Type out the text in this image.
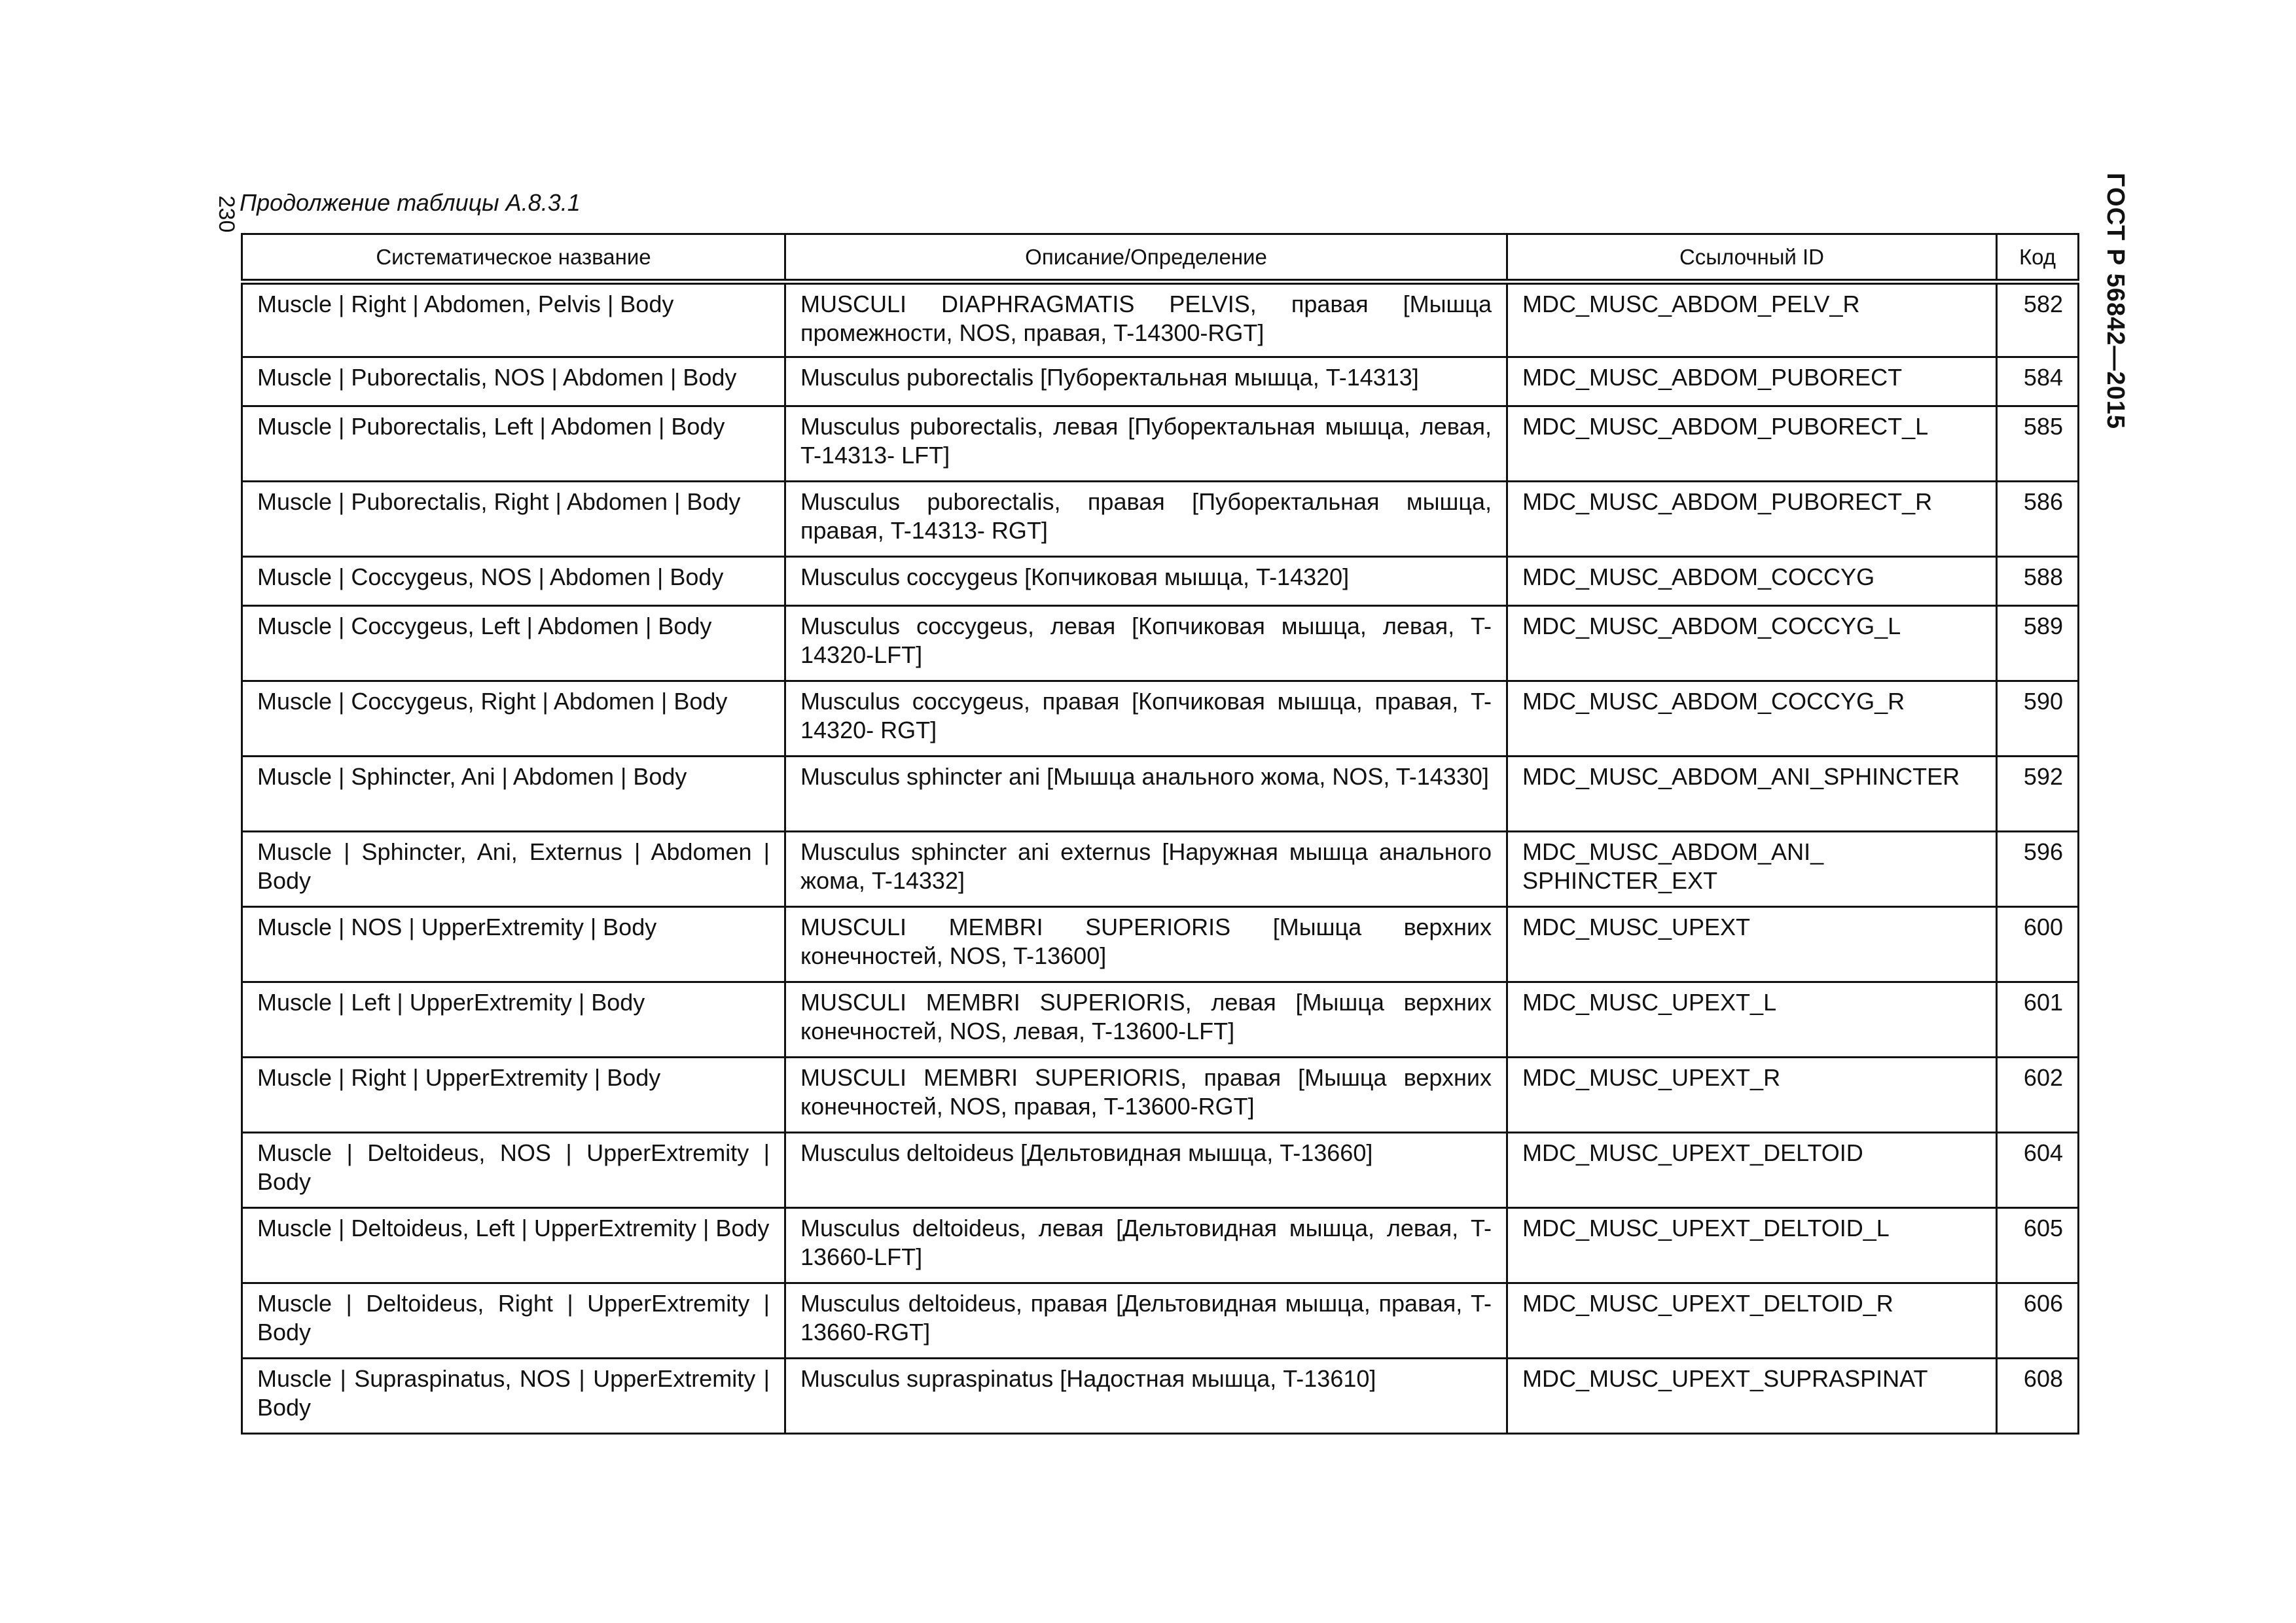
230	ГОСТ Р 56842—2015
Продолжение таблицы А.8.3.1
Систематическое название	Описание/Определение	Ссылочный ID	Код
Muscle | Right | Abdomen, Pelvis | Body	MUSCULI DIAPHRAGMATIS PELVIS, правая [Мышца промежности, NOS, правая, T-14300-RGT]	MDC_MUSC_ABDOM_PELV_R	582
Muscle | Puborectalis, NOS | Abdomen | Body	Musculus puborectalis [Пуборектальная мышца, T-14313]	MDC_MUSC_ABDOM_PUBORECT	584
Muscle | Puborectalis, Left | Abdomen | Body	Musculus puborectalis, левая [Пуборектальная мышца, левая, T-14313- LFT]	MDC_MUSC_ABDOM_PUBORECT_L	585
Muscle | Puborectalis, Right | Abdomen | Body	Musculus puborectalis, правая [Пуборектальная мышца, правая, T-14313- RGT]	MDC_MUSC_ABDOM_PUBORECT_R	586
Muscle | Coccygeus, NOS | Abdomen | Body	Musculus coccygeus [Копчиковая мышца, T-14320]	MDC_MUSC_ABDOM_COCCYG	588
Muscle | Coccygeus, Left | Abdomen | Body	Musculus coccygeus, левая [Копчиковая мышца, левая, T-14320-LFT]	MDC_MUSC_ABDOM_COCCYG_L	589
Muscle | Coccygeus, Right | Abdomen | Body	Musculus coccygeus, правая [Копчиковая мышца, правая, T-14320- RGT]	MDC_MUSC_ABDOM_COCCYG_R	590
Muscle | Sphincter, Ani | Abdomen | Body	Musculus sphincter ani [Мышца анального жома, NOS, T-14330]	MDC_MUSC_ABDOM_ANI_SPHINCTER	592
Muscle | Sphincter, Ani, Externus | Abdomen | Body	Musculus sphincter ani externus [Наружная мышца анального жома, T-14332]	MDC_MUSC_ABDOM_ANI_ SPHINCTER_EXT	596
Muscle | NOS | UpperExtremity | Body	MUSCULI MEMBRI SUPERIORIS [Мышца верхних конечностей, NOS, T-13600]	MDC_MUSC_UPEXT	600
Muscle | Left | UpperExtremity | Body	MUSCULI MEMBRI SUPERIORIS, левая [Мышца верхних конечностей, NOS, левая, T-13600-LFT]	MDC_MUSC_UPEXT_L	601
Muscle | Right | UpperExtremity | Body	MUSCULI MEMBRI SUPERIORIS, правая [Мышца верхних конечностей, NOS, правая, T-13600-RGT]	MDC_MUSC_UPEXT_R	602
Muscle | Deltoideus, NOS | UpperExtremity | Body	Musculus deltoideus [Дельтовидная мышца, T-13660]	MDC_MUSC_UPEXT_DELTOID	604
Muscle | Deltoideus, Left | UpperExtremity | Body	Musculus deltoideus, левая [Дельтовидная мышца, левая, T-13660-LFT]	MDC_MUSC_UPEXT_DELTOID_L	605
Muscle | Deltoideus, Right | UpperExtremity | Body	Musculus deltoideus, правая [Дельтовидная мышца, правая, T-13660-RGT]	MDC_MUSC_UPEXT_DELTOID_R	606
Muscle | Supraspinatus, NOS | UpperExtremity | Body	Musculus supraspinatus [Надостная мышца, T-13610]	MDC_MUSC_UPEXT_SUPRASPINAT	608
